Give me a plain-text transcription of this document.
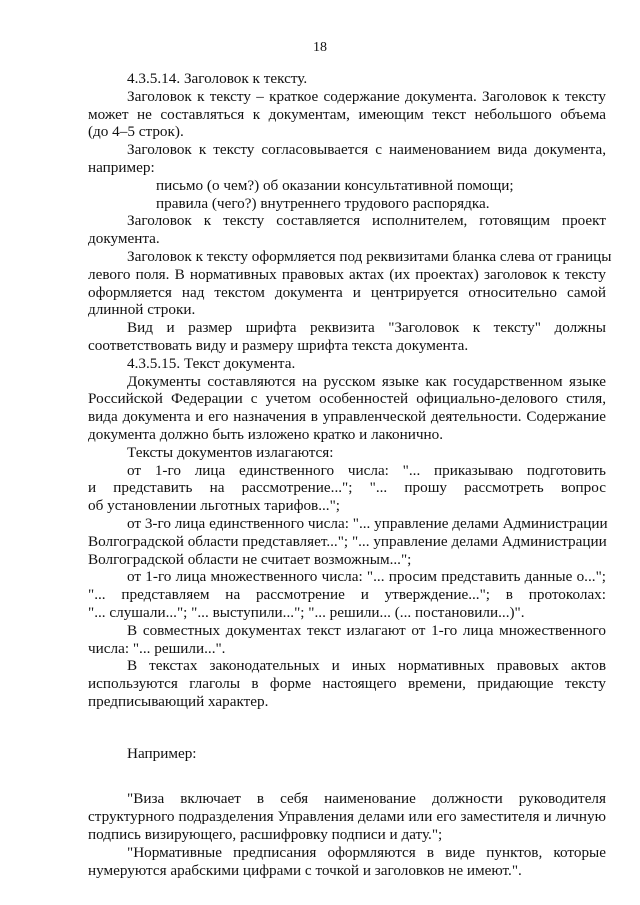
18
4.3.5.14. Заголовок к тексту.
Заголовок к тексту – краткое содержание документа. Заголовок к тексту
может не составляться к документам, имеющим текст небольшого объема
(до 4–5 строк).
Заголовок к тексту согласовывается с наименованием вида документа,
например:
письмо (о чем?) об оказании консультативной помощи;
правила (чего?) внутреннего трудового распорядка.
Заголовок к тексту составляется исполнителем, готовящим проект
документа.
Заголовок к тексту оформляется под реквизитами бланка слева от границы
левого поля. В нормативных правовых актах (их проектах) заголовок к тексту
оформляется над текстом документа и центрируется относительно самой
длинной строки.
Вид и размер шрифта реквизита "Заголовок к тексту" должны
соответствовать виду и размеру шрифта текста документа.
4.3.5.15. Текст документа.
Документы составляются на русском языке как государственном языке
Российской Федерации с учетом особенностей официально-делового стиля,
вида документа и его назначения в управленческой деятельности. Содержание
документа должно быть изложено кратко и лаконично.
Тексты документов излагаются:
от 1-го лица единственного числа: "... приказываю подготовить
и представить на рассмотрение..."; "... прошу рассмотреть вопрос
об установлении льготных тарифов...";
от 3-го лица единственного числа: "... управление делами Администрации
Волгоградской области представляет..."; "... управление делами Администрации
Волгоградской области не считает возможным...";
от 1-го лица множественного числа: "... просим представить данные о...";
"... представляем на рассмотрение и утверждение..."; в протоколах:
"... слушали..."; "... выступили..."; "... решили... (... постановили...)".
В совместных документах текст излагают от 1-го лица множественного
числа: "... решили...".
В текстах законодательных и иных нормативных правовых актов
используются глаголы в форме настоящего времени, придающие тексту
предписывающий характер.
Например:
"Виза включает в себя наименование должности руководителя
структурного подразделения Управления делами или его заместителя и личную
подпись визирующего, расшифровку подписи и дату.";
"Нормативные предписания оформляются в виде пунктов, которые
нумеруются арабскими цифрами с точкой и заголовков не имеют.".
